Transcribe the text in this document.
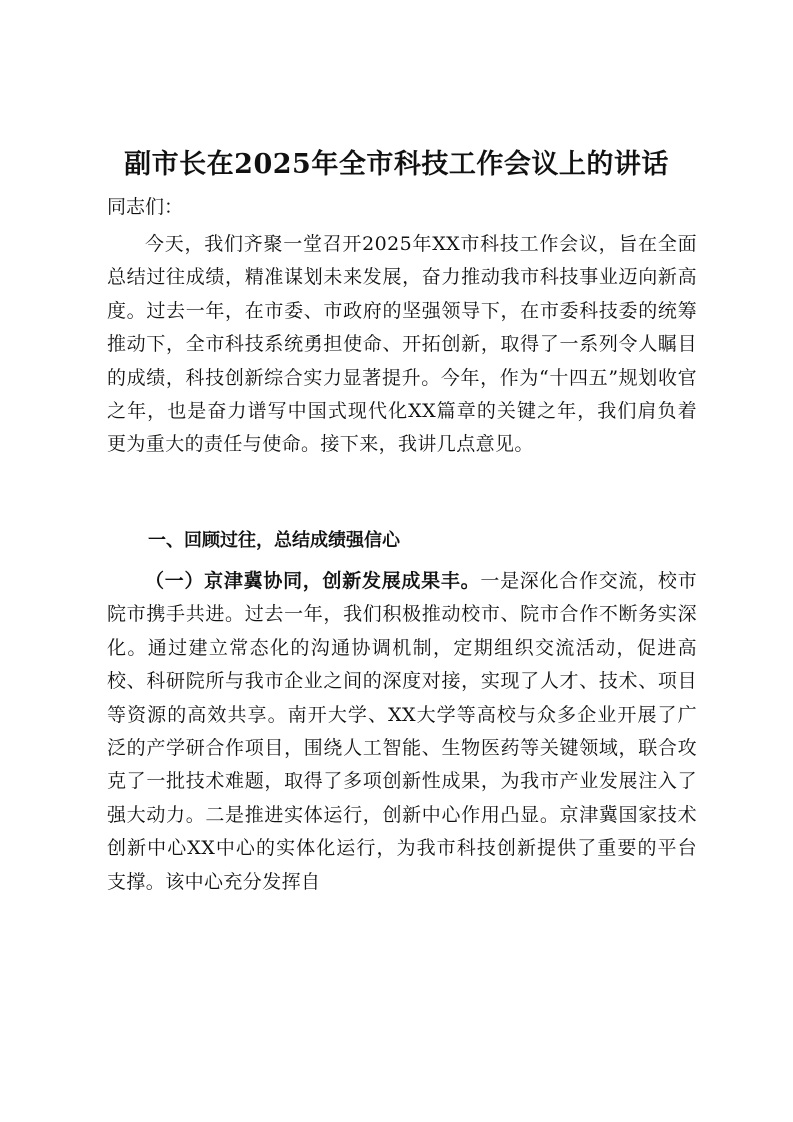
副市长在2025年全市科技工作会议上的讲话
同志们：

今天，我们齐聚一堂召开2025年XX市科技工作会议，旨在全面总结过往成绩，精准谋划未来发展，奋力推动我市科技事业迈向新高度。过去一年，在市委、市政府的坚强领导下，在市委科技委的统筹推动下，全市科技系统勇担使命、开拓创新，取得了一系列令人瞩目的成绩，科技创新综合实力显著提升。今年，作为“十四五”规划收官之年，也是奋力谱写中国式现代化XX篇章的关键之年，我们肩负着更为重大的责任与使命。接下来，我讲几点意见。

一、回顾过往，总结成绩强信心

（一）京津冀协同，创新发展成果丰。一是深化合作交流，校市院市携手共进。过去一年，我们积极推动校市、院市合作不断务实深化。通过建立常态化的沟通协调机制，定期组织交流活动，促进高校、科研院所与我市企业之间的深度对接，实现了人才、技术、项目等资源的高效共享。南开大学、XX大学等高校与众多企业开展了广泛的产学研合作项目，围绕人工智能、生物医药等关键领域，联合攻克了一批技术难题，取得了多项创新性成果，为我市产业发展注入了强大动力。二是推进实体运行，创新中心作用凸显。京津冀国家技术创新中心XX中心的实体化运行，为我市科技创新提供了重要的平台支撑。该中心充分发挥自
